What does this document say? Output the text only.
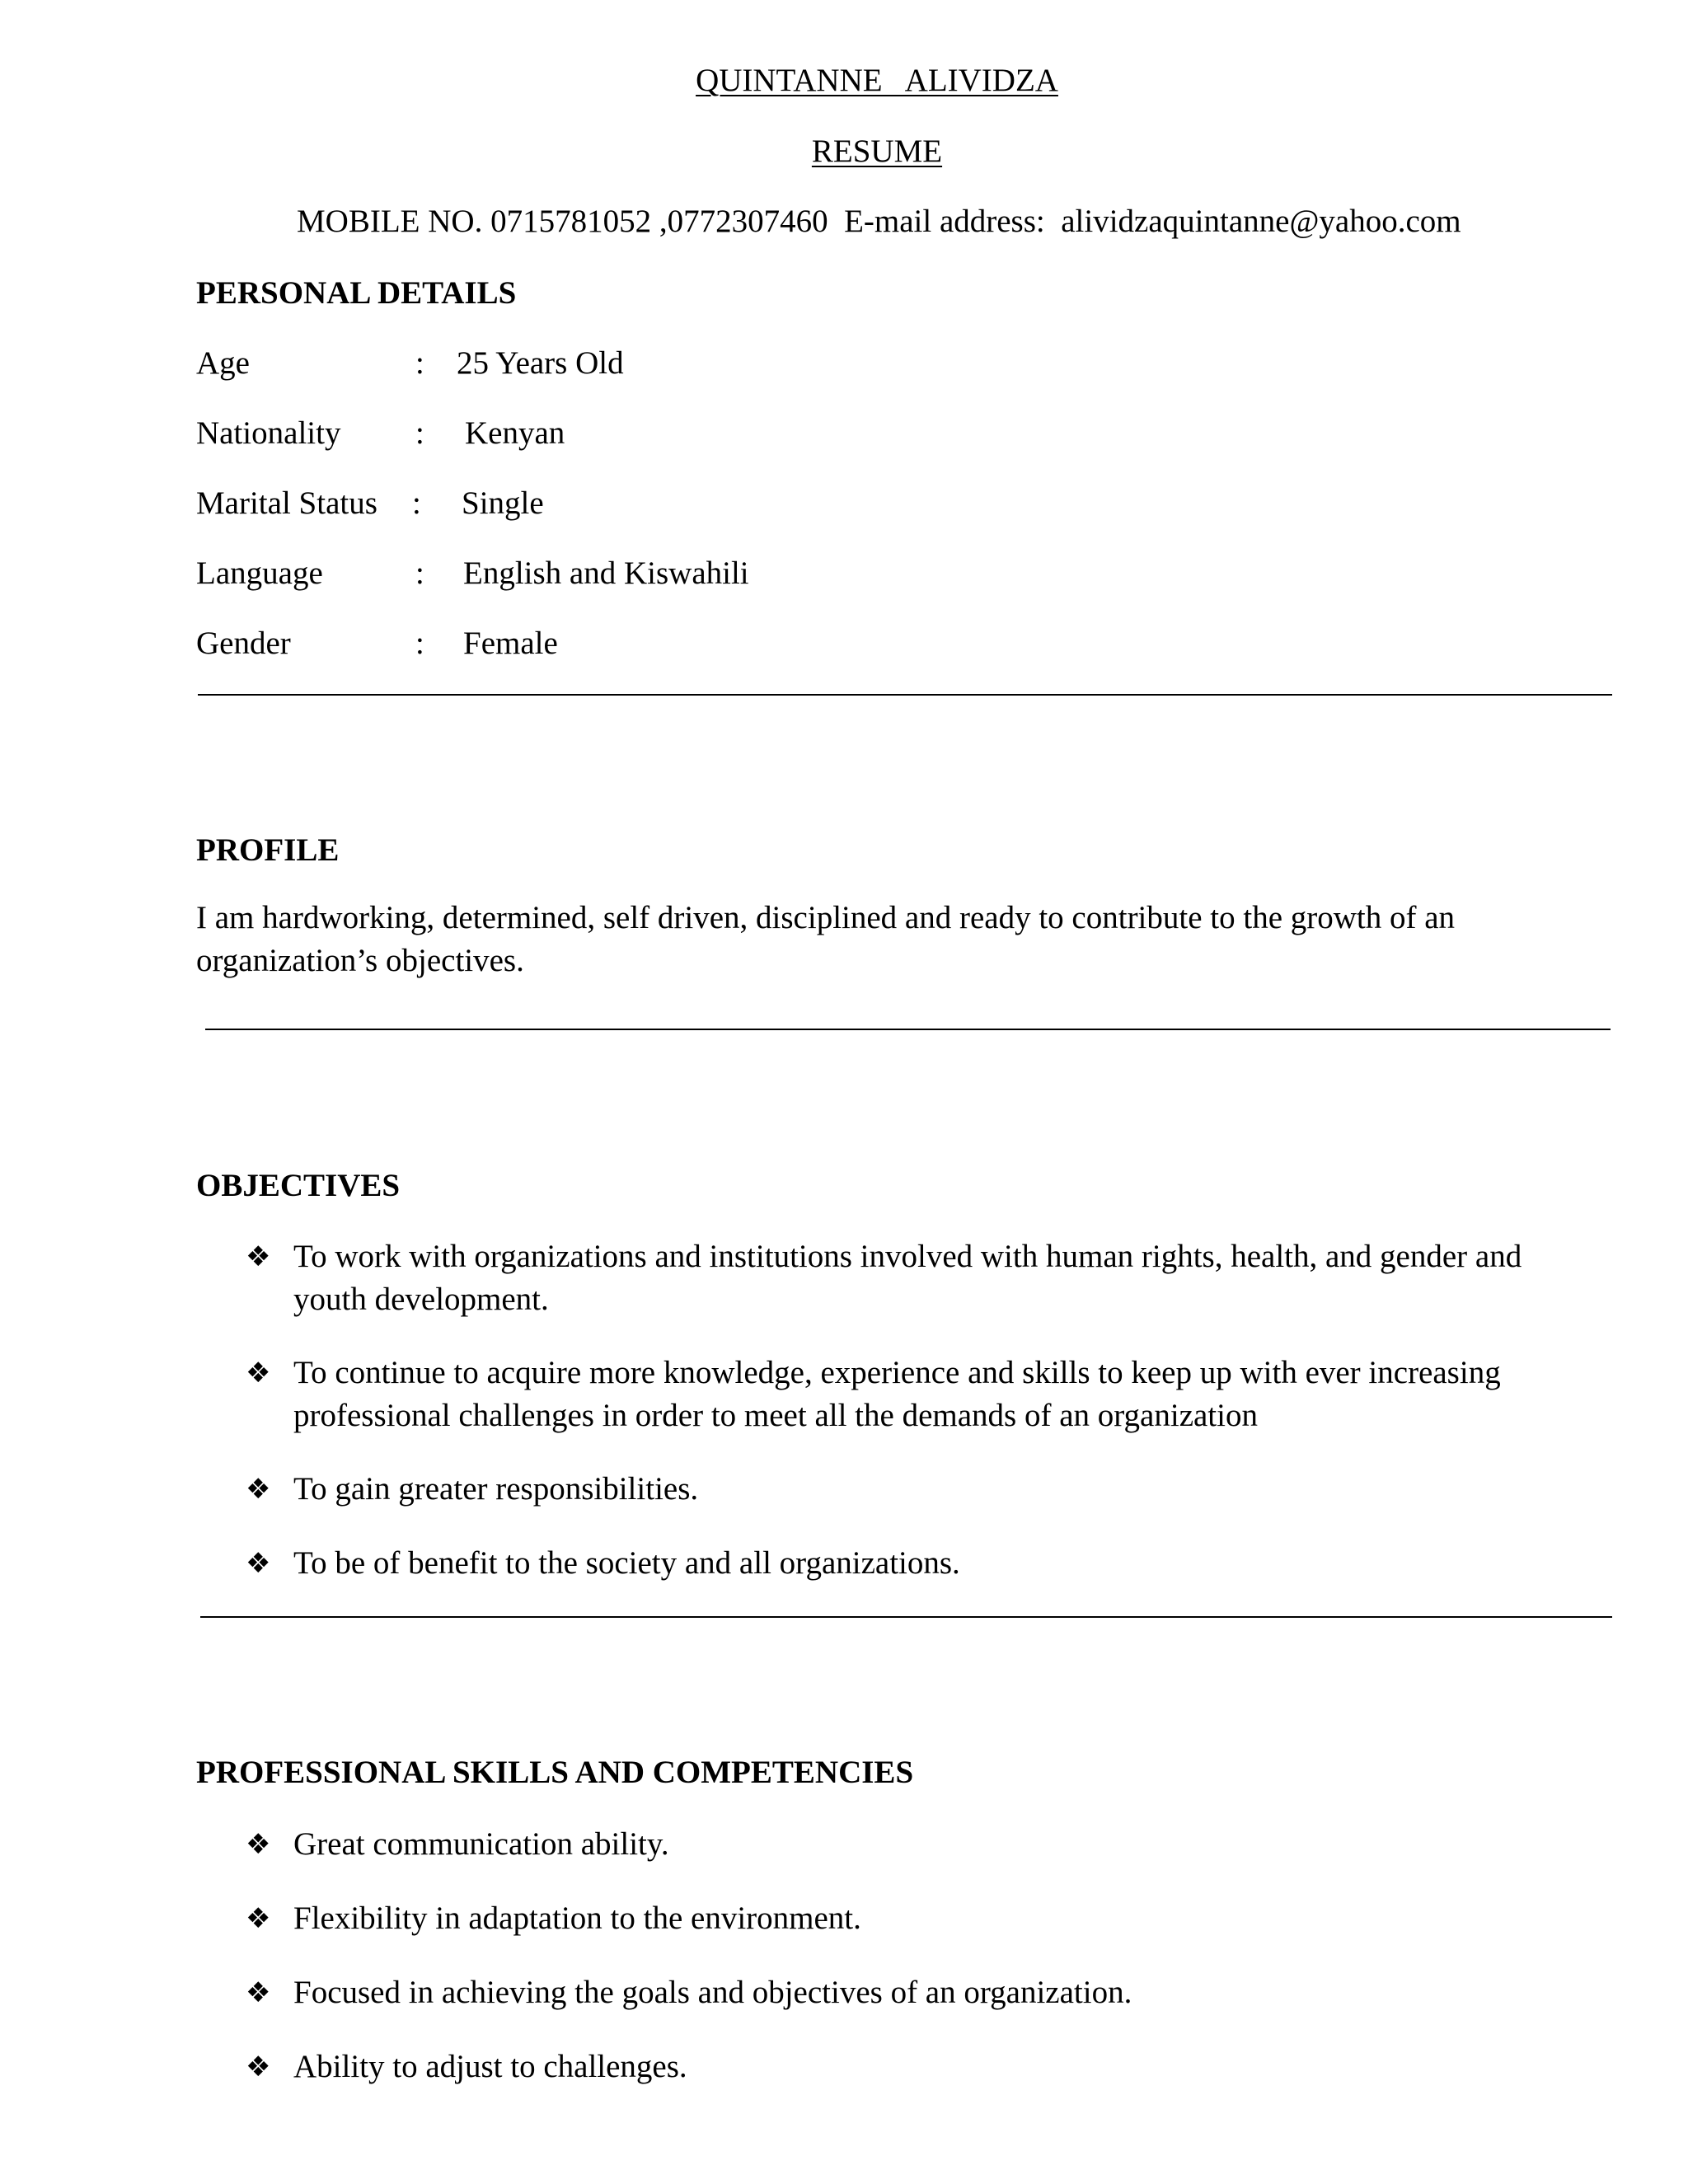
QUINTANNE   ALIVIDZA
RESUME
MOBILE NO. 0715781052 ,0772307460  E-mail address:  alividzaquintanne@yahoo.com
PERSONAL DETAILS
Age	: 25 Years Old
Nationality : Kenyan
Marital Status : Single
Language	: English and Kiswahili
Gender	: Female
PROFILE
I am hardworking, determined, self driven, disciplined and ready to contribute to the growth of an organization’s objectives.
OBJECTIVES
❖ To work with organizations and institutions involved with human rights, health, and gender and youth development.
❖ To continue to acquire more knowledge, experience and skills to keep up with ever increasing professional challenges in order to meet all the demands of an organization
❖ To gain greater responsibilities.
❖ To be of benefit to the society and all organizations.
PROFESSIONAL SKILLS AND COMPETENCIES
❖ Great communication ability.
❖ Flexibility in adaptation to the environment.
❖ Focused in achieving the goals and objectives of an organization.
❖ Ability to adjust to challenges.
